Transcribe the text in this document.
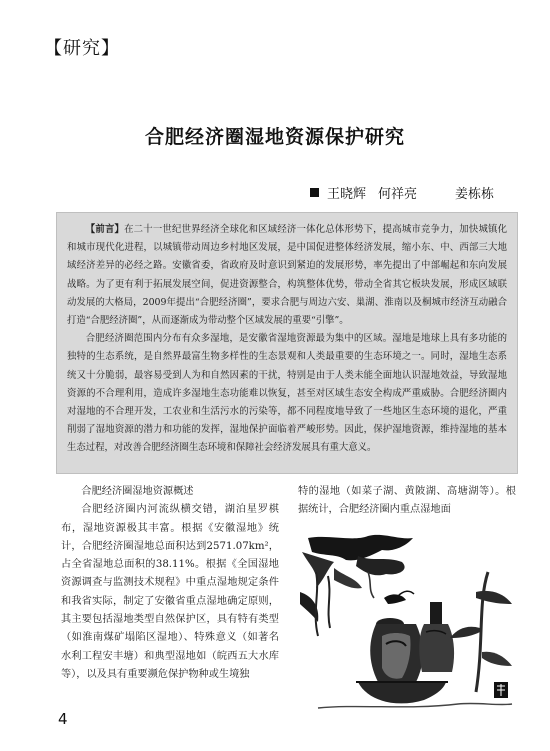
【研究】
合肥经济圈湿地资源保护研究
王晓辉 何祥亮	姜栋栋

【前言】在二十一世纪世界经济全球化和区域经济一体化总体形势下，提高城市竞争力，加快城镇化和城市现代化进程，以城镇带动周边乡村地区发展，是中国促进整体经济发展，缩小东、中、西部三大地域经济差异的必经之路。安徽省委，省政府及时意识到紧迫的发展形势，率先提出了中部崛起和东向发展战略。为了更有利于拓展发展空间，促进资源整合，构筑整体优势，带动全省其它板块发展，形成区域联动发展的大格局，2009年提出“合肥经济圈”，要求合肥与周边六安、巢湖、淮南以及桐城市经济互动融合打造“合肥经济圈”，从而逐渐成为带动整个区域发展的重要“引擎”。

合肥经济圈范围内分布有众多湿地，是安徽省湿地资源最为集中的区域。湿地是地球上具有多功能的独特的生态系统，是自然界最富生物多样性的生态景观和人类最重要的生态环境之一。同时，湿地生态系统又十分脆弱，最容易受到人为和自然因素的干扰，特别是由于人类未能全面地认识湿地效益，导致湿地资源的不合理利用，造成许多湿地生态功能难以恢复，甚至对区域生态安全构成严重威胁。合肥经济圈内对湿地的不合理开发，工农业和生活污水的污染等，都不同程度地导致了一些地区生态环境的退化，严重削弱了湿地资源的潜力和功能的发挥，湿地保护面临着严峻形势。因此，保护湿地资源，维持湿地的基本生态过程，对改善合肥经济圈生态环境和保障社会经济发展具有重大意义。

合肥经济圈湿地资源概述

合肥经济圈内河流纵横交错，湖泊星罗棋布，湿地资源极其丰富。根据《安徽湿地》统计，合肥经济圈湿地总面积达到2571.07km²，占全省湿地总面积的38.11%。根据《全国湿地资源调查与监测技术规程》中重点湿地规定条件和我省实际，制定了安徽省重点湿地确定原则，其主要包括湿地类型自然保护区，具有特有类型（如淮南煤矿塌陷区湿地）、特殊意义（如著名水利工程安丰塘）和典型湿地如（皖西五大水库等），以及具有重要濒危保护物种或生境独

特的湿地（如菜子湖、黄陂湖、高塘湖等）。根据统计，合肥经济圈内重点湿地面

4
